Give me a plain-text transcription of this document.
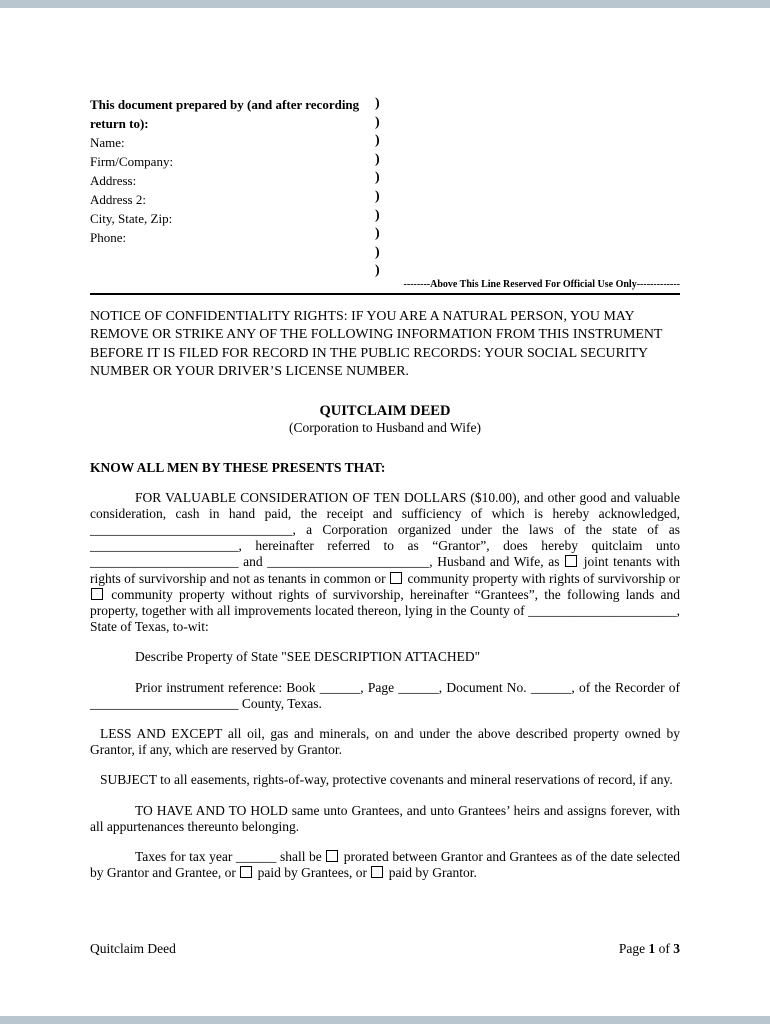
This document prepared by (and after recording
return to):
Name:
Firm/Company:
Address:
Address 2:
City, State, Zip:
Phone:
)
)
)
)
)
)
)
)
)
)
--------Above This Line Reserved For Official Use Only-------------

NOTICE OF CONFIDENTIALITY RIGHTS: IF YOU ARE A NATURAL PERSON, YOU MAY REMOVE OR STRIKE ANY OF THE FOLLOWING INFORMATION FROM THIS INSTRUMENT BEFORE IT IS FILED FOR RECORD IN THE PUBLIC RECORDS: YOUR SOCIAL SECURITY NUMBER OR YOUR DRIVER’S LICENSE NUMBER.

QUITCLAIM DEED
(Corporation to Husband and Wife)
KNOW ALL MEN BY THESE PRESENTS THAT:

FOR VALUABLE CONSIDERATION OF TEN DOLLARS ($10.00), and other good and valuable consideration, cash in hand paid, the receipt and sufficiency of which is hereby acknowledged, ______________________________, a Corporation organized under the laws of the state of as ______________________, hereinafter referred to as “Grantor”, does hereby quitclaim unto ______________________ and ________________________, Husband and Wife, as  joint tenants with rights of survivorship and not as tenants in common or  community property with rights of survivorship or  community property without rights of survivorship, hereinafter “Grantees”, the following lands and property, together with all improvements located thereon, lying in the County of ______________________, State of Texas, to-wit:

Describe Property of State "SEE DESCRIPTION ATTACHED"

Prior instrument reference: Book ______, Page ______, Document No. ______, of the Recorder of ______________________ County, Texas.

LESS AND EXCEPT all oil, gas and minerals, on and under the above described property owned by Grantor, if any, which are reserved by Grantor.

SUBJECT to all easements, rights-of-way, protective covenants and mineral reservations of record, if any.

TO HAVE AND TO HOLD same unto Grantees, and unto Grantees’ heirs and assigns forever, with all appurtenances thereunto belonging.

Taxes for tax year ______ shall be  prorated between Grantor and Grantees as of the date selected by Grantor and Grantee, or  paid by Grantees, or  paid by Grantor.

Quitclaim Deed	Page 1 of 3
